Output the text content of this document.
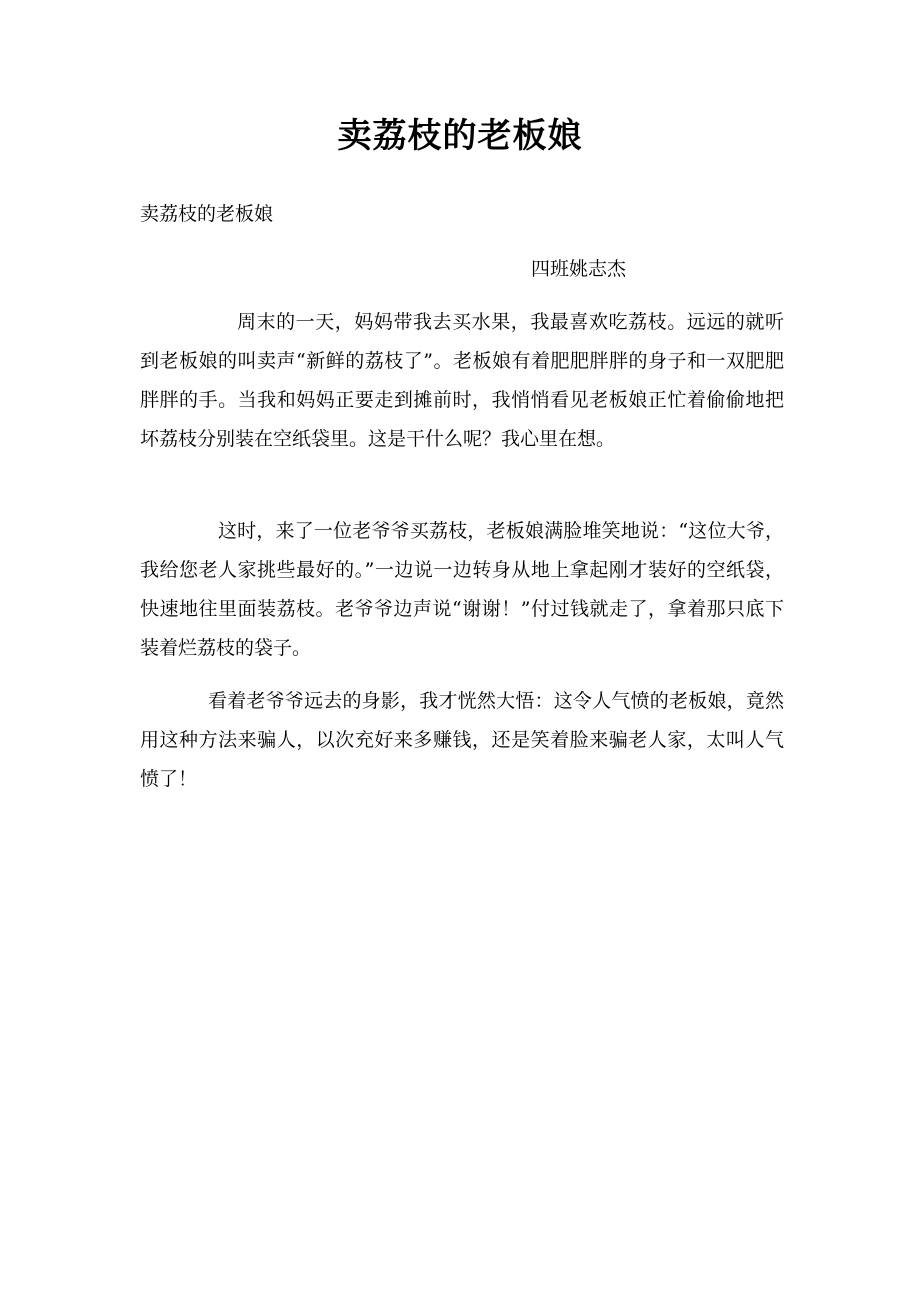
卖荔枝的老板娘
卖荔枝的老板娘
四班姚志杰

周末的一天，妈妈带我去买水果，我最喜欢吃荔枝。远远的就听到老板娘的叫卖声“新鲜的荔枝了”。老板娘有着肥肥胖胖的身子和一双肥肥胖胖的手。当我和妈妈正要走到摊前时，我悄悄看见老板娘正忙着偷偷地把坏荔枝分别装在空纸袋里。这是干什么呢？我心里在想。

这时，来了一位老爷爷买荔枝，老板娘满脸堆笑地说：“这位大爷，我给您老人家挑些最好的。”一边说一边转身从地上拿起刚才装好的空纸袋，快速地往里面装荔枝。老爷爷边声说“谢谢！”付过钱就走了，拿着那只底下装着烂荔枝的袋子。

看着老爷爷远去的身影，我才恍然大悟：这令人气愤的老板娘，竟然用这种方法来骗人，以次充好来多赚钱，还是笑着脸来骗老人家，太叫人气愤了！
